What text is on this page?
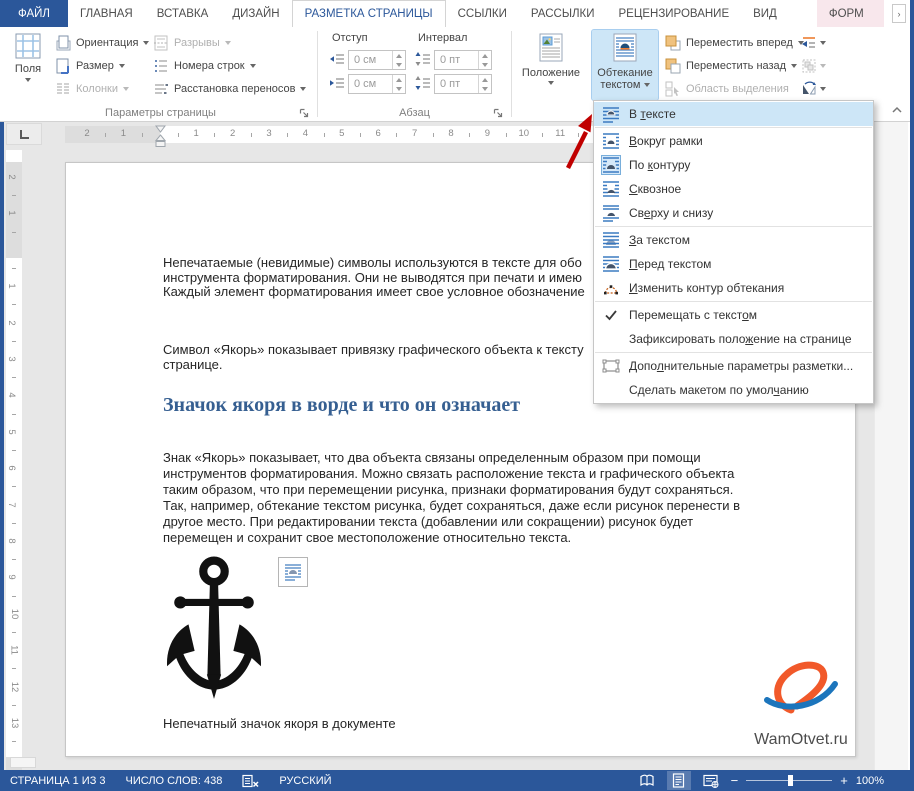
ФАЙЛ	ГЛАВНАЯ	ВСТАВКА	ДИЗАЙН	РАЗМЕТКА СТРАНИЦЫ	ССЫЛКИ	РАССЫЛКИ	РЕЦЕНЗИРОВАНИЕ	ВИД	ФОРМ	›
Поля
Ориентация
Размер
Колонки
Разрывы
Номера строк
Расстановка переносов
Параметры страницы
Отступ	Интервал
0 см
0 см
0 пт
0 пт
Абзац
Положение Обтекание
текстом
Переместить вперед
Переместить назад
Область выделения
2	1	1	2	3	4	5	6	7	8	9	10	11
2
1
1
2
3
4
5
6
7
8
9
10
11
12
13
Непечатаемые (невидимые) символы используются в тексте для обо
инструмента форматирования. Они не выводятся при печати и имею
Каждый элемент форматирования имеет свое условное обозначение
Символ «Якорь» показывает привязку графического объекта к тексту
странице.
Значок якоря в ворде и что он означает
Знак «Якорь» показывает, что два объекта связаны определенным образом при помощи
инструментов форматирования. Можно связать расположение текста и графического объекта
таким образом, что при перемещении рисунка, признаки форматирования будут сохраняться.
Так, например, обтекание текстом рисунка, будет сохраняться, даже если рисунок перенести в
другое место. При редактировании текста (добавлении или сокращении) рисунок будет
перемещен и сохранит свое местоположение относительно текста.
Непечатный значок якоря в документе
WamOtvet.ru
В тексте
Вокруг рамки
По контуру
Сквозное
Сверху и снизу
За текстом
Перед текстом
Изменить контур обтекания
Перемещать с текстом
Зафиксировать положение на странице
Дополнительные параметры разметки...
Сделать макетом по умолчанию
СТРАНИЦА 1 ИЗ 3 ЧИСЛО СЛОВ: 438	РУССКИЙ	−	+ 100%
